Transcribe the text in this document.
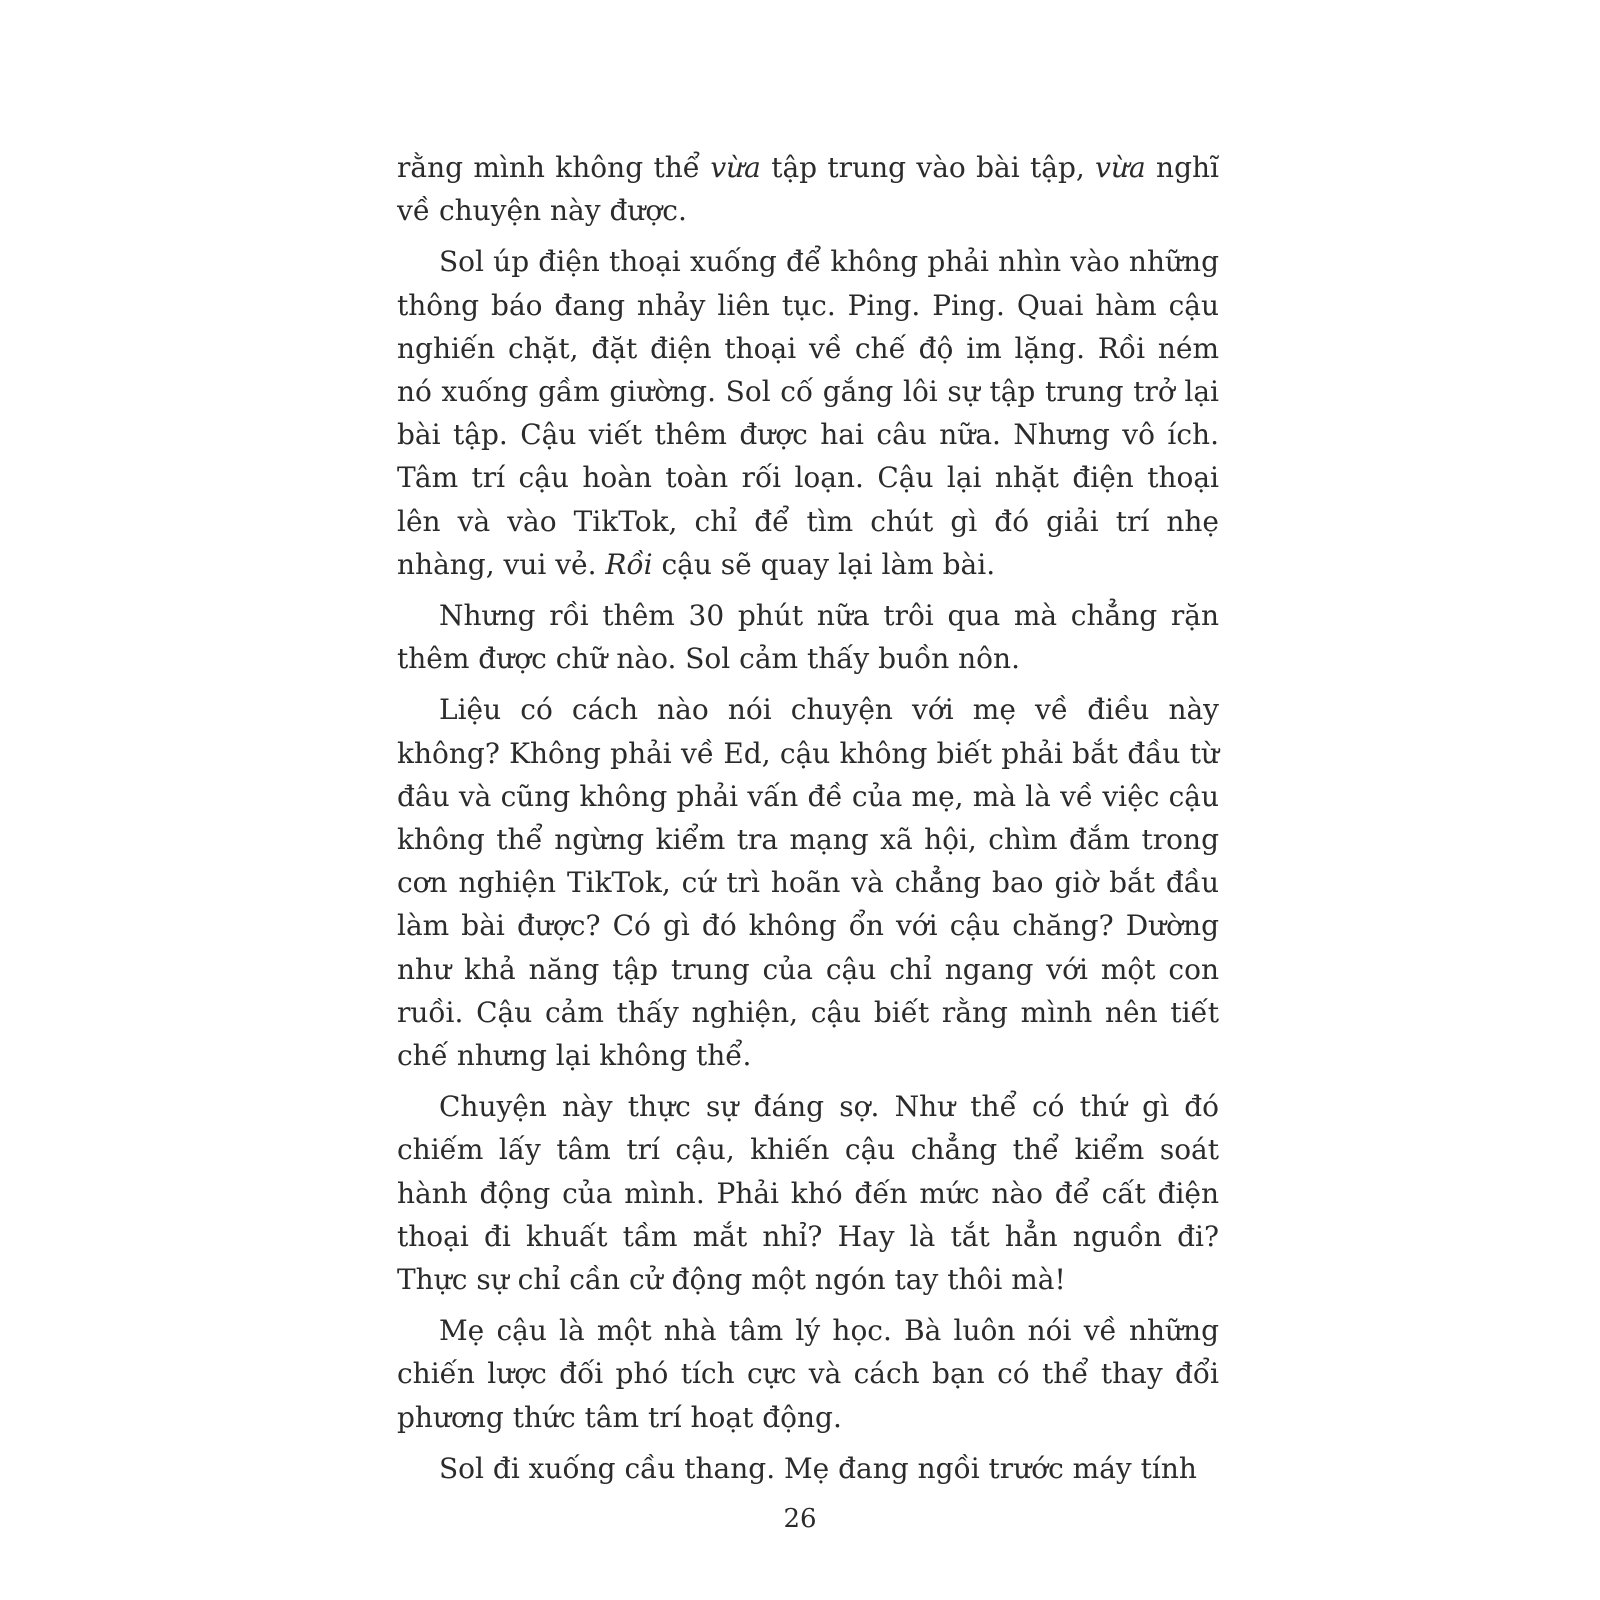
rằng mình không thể vừa tập trung vào bài tập, vừa nghĩ về chuyện này được.

Sol úp điện thoại xuống để không phải nhìn vào những thông báo đang nhảy liên tục. Ping. Ping. Quai hàm cậu nghiến chặt, đặt điện thoại về chế độ im lặng. Rồi ném nó xuống gầm giường. Sol cố gắng lôi sự tập trung trở lại bài tập. Cậu viết thêm được hai câu nữa. Nhưng vô ích. Tâm trí cậu hoàn toàn rối loạn. Cậu lại nhặt điện thoại lên và vào TikTok, chỉ để tìm chút gì đó giải trí nhẹ nhàng, vui vẻ. Rồi cậu sẽ quay lại làm bài.

Nhưng rồi thêm 30 phút nữa trôi qua mà chẳng rặn thêm được chữ nào. Sol cảm thấy buồn nôn.

Liệu có cách nào nói chuyện với mẹ về điều này không? Không phải về Ed, cậu không biết phải bắt đầu từ đâu và cũng không phải vấn đề của mẹ, mà là về việc cậu không thể ngừng kiểm tra mạng xã hội, chìm đắm trong cơn nghiện TikTok, cứ trì hoãn và chẳng bao giờ bắt đầu làm bài được? Có gì đó không ổn với cậu chăng? Dường như khả năng tập trung của cậu chỉ ngang với một con ruồi. Cậu cảm thấy nghiện, cậu biết rằng mình nên tiết chế nhưng lại không thể.

Chuyện này thực sự đáng sợ. Như thể có thứ gì đó chiếm lấy tâm trí cậu, khiến cậu chẳng thể kiểm soát hành động của mình. Phải khó đến mức nào để cất điện thoại đi khuất tầm mắt nhỉ? Hay là tắt hẳn nguồn đi? Thực sự chỉ cần cử động một ngón tay thôi mà!

Mẹ cậu là một nhà tâm lý học. Bà luôn nói về những chiến lược đối phó tích cực và cách bạn có thể thay đổi phương thức tâm trí hoạt động.

Sol đi xuống cầu thang. Mẹ đang ngồi trước máy tính

26
